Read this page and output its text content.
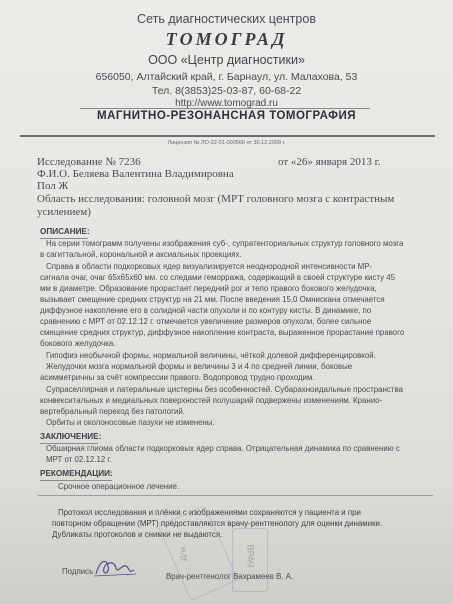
Сеть диагностических центров
ТОМОГРАД
ООО «Центр диагностики»
656050, Алтайский край, г. Барнаул, ул. Малахова, 53
Тел. 8(3853)25-03-87, 60-68-22
http://www.tomograd.ru
МАГНИТНО-РЕЗОНАНСНАЯ ТОМОГРАФИЯ
Лицензия № ЛО-22-01-000560 от 30.12.2009 г.
Исследование № 7236	от «26» января 2013 г.
Ф.И.О. Беляева Валентина Владимировна
Пол Ж
Область исследования: головной мозг (МРТ головного мозга с контрастным
усилением)
ОПИСАНИЕ:
На серии томограмм получены изображения суб-, супратенториальных структур головного мозга
в сагиттальной, корональной и аксиальных проекциях.
Справа в области подкорковых ядер визуализируется неоднородной интенсивности МР-
сигнала очаг, очаг 65х65х60 мм. со следами геморража, содержащий в своей структуре кисту 45
мм в диаметре. Образование прорастает передний рог и тело правого бокового желудочка,
вызывает смещение средних структур на 21 мм. После введения 15,0 Омнискана отмечается
диффузное накопление его в солидной части опухоли и по контуру кисты. В динамике, по
сравнению с МРТ от 02.12.12 г. отмечается увеличение размеров опухоли, более сильное
смещение средних структур, диффузное накопление контраста, выраженное прорастание правого
бокового желудочка.
Гипофиз необычной формы, нормальной величины, чёткой долевой дифференцировкой.
Желудочки мозга нормальной формы и величины 3 и 4 по средней линии, боковые
асимметричны за счёт компрессии правого. Водопровод трудно проходим.
Супраселлярная и латеральные цистерны без особенностей. Субарахноидальные пространства
конвекситальных и медиальных поверхностей полушарий подвержены изменениям. Кранио-
вертебральный переход без патологий.
Орбиты и околоносовые пазухи не изменены.
ЗАКЛЮЧЕНИЕ:
Обширная глиома области подкорковых ядер справа. Отрицательная динамика по сравнению с
МРТ от 02.12.12 г.
РЕКОМЕНДАЦИИ:
Срочное операционное лечение.
Протокол исследования и плёнки с изображениями сохраняются у пациента и при
повторном обращении (МРТ) предоставляются врачу-рентгенологу для оценки динамики.
Дубликаты протоколов и снимки не выдаются.
Для	ВРАЧ
Подпись
Врач-рентгенолог Вахрамеев В. А.
